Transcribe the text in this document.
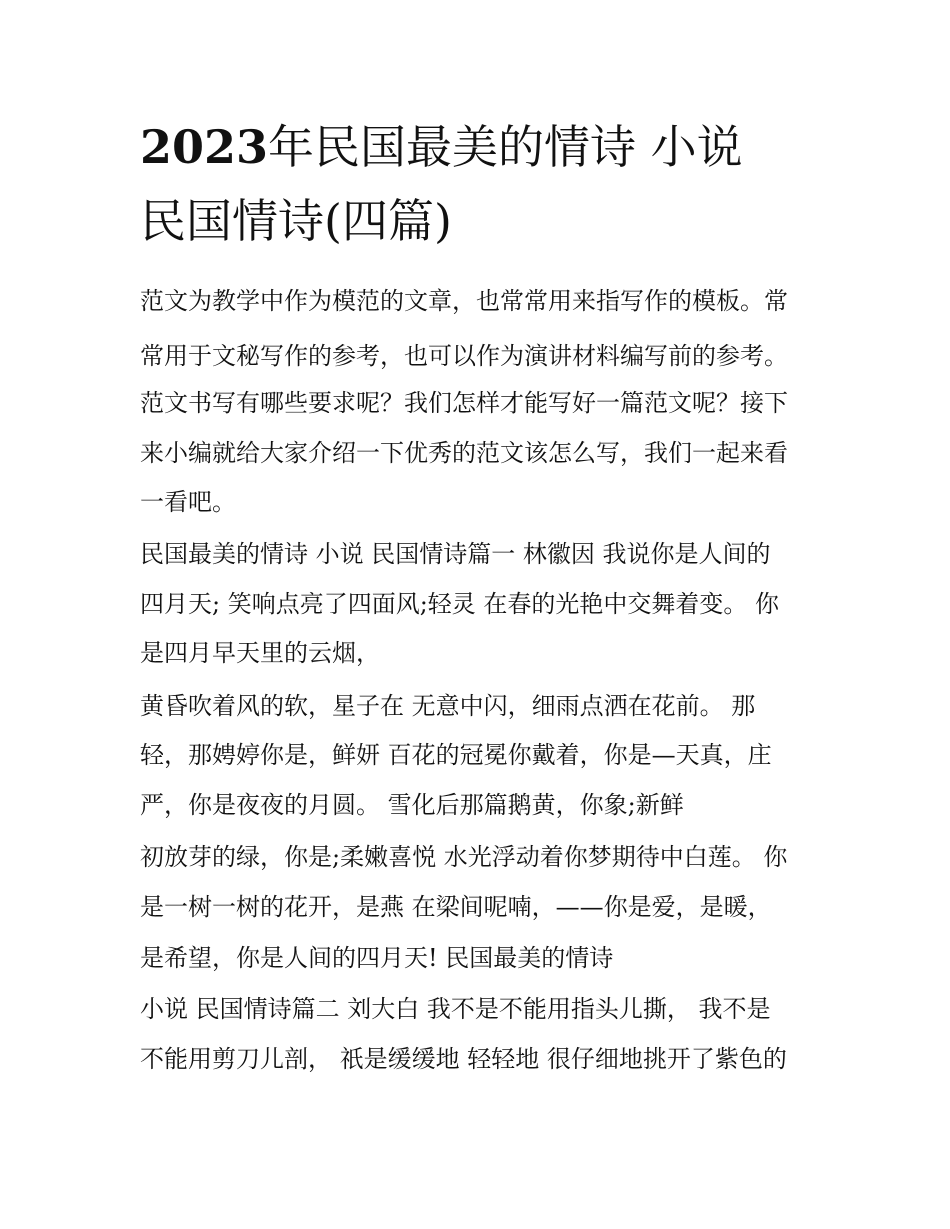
2023年民国最美的情诗 小说
民国情诗(四篇)

范文为教学中作为模范的文章，也常常用来指写作的模板。常

常用于文秘写作的参考，也可以作为演讲材料编写前的参考。

范文书写有哪些要求呢？我们怎样才能写好一篇范文呢？接下

来小编就给大家介绍一下优秀的范文该怎么写，我们一起来看

一看吧。

民国最美的情诗 小说 民国情诗篇一 林徽因 我说你是人间的

四月天; 笑响点亮了四面风;轻灵 在春的光艳中交舞着变。 你

是四月早天里的云烟，

黄昏吹着风的软，星子在 无意中闪，细雨点洒在花前。 那

轻，那娉婷你是，鲜妍 百花的冠冕你戴着，你是—天真，庄

严，你是夜夜的月圆。 雪化后那篇鹅黄，你象;新鲜

初放芽的绿，你是;柔嫩喜悦 水光浮动着你梦期待中白莲。 你

是一树一树的花开，是燕 在梁间呢喃，——你是爱，是暖，

是希望，你是人间的四月天! 民国最美的情诗

小说 民国情诗篇二 刘大白 我不是不能用指头儿撕， 我不是

不能用剪刀儿剖， 祇是缓缓地 轻轻地 很仔细地挑开了紫色的
